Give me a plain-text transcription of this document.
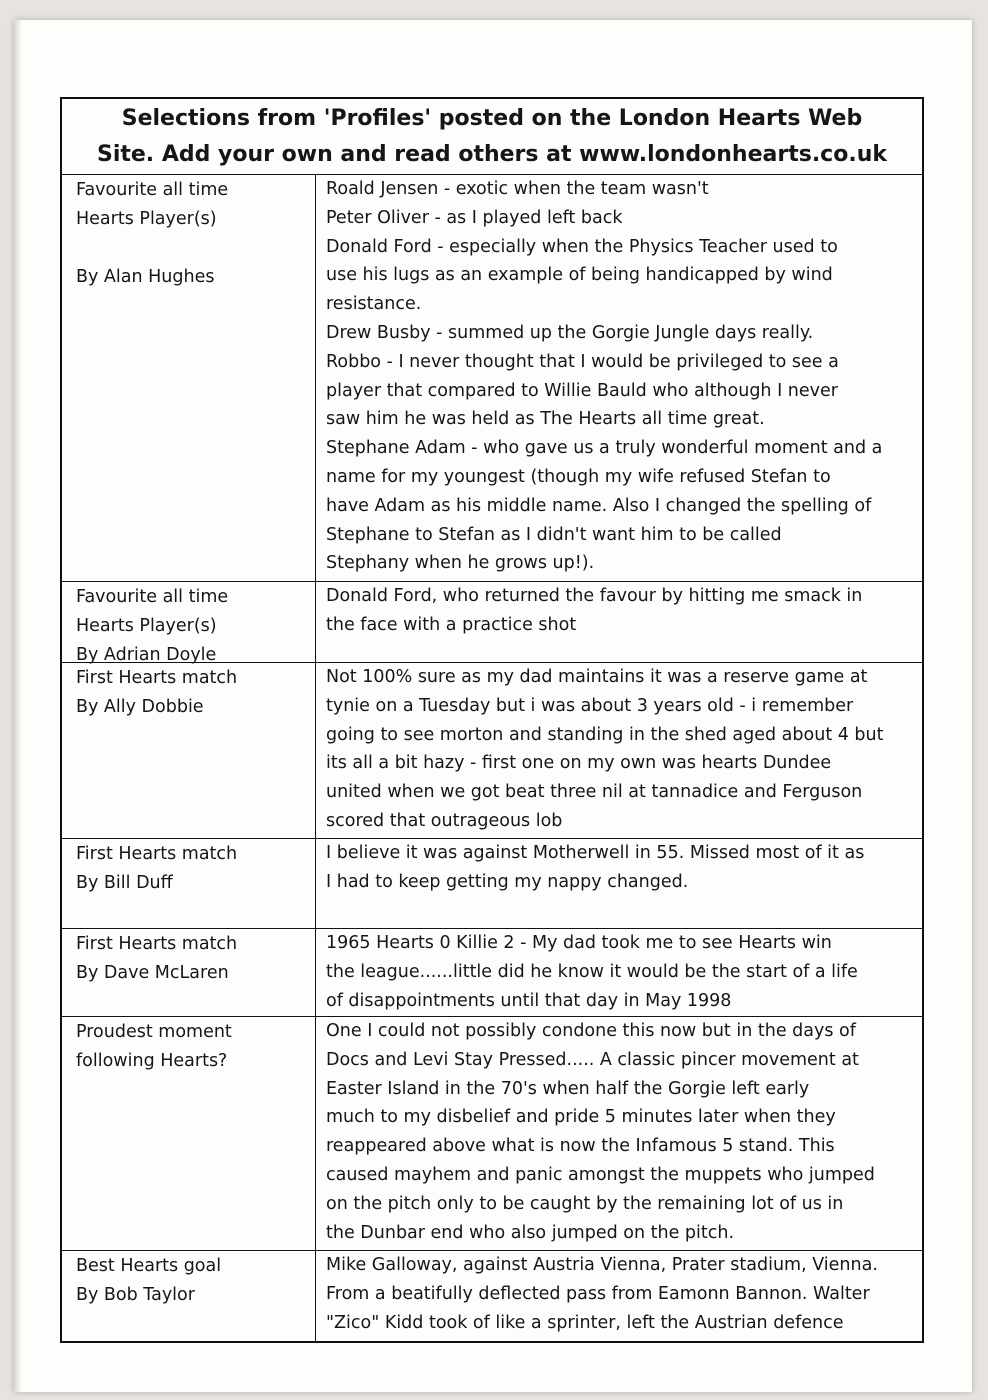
Selections from 'Profiles' posted on the London Hearts Web
Site. Add your own and read others at www.londonhearts.co.uk
Favourite all time
Hearts Player(s)
By Alan Hughes
Roald Jensen - exotic when the team wasn't
Peter Oliver - as I played left back
Donald Ford - especially when the Physics Teacher used to
use his lugs as an example of being handicapped by wind
resistance.
Drew Busby - summed up the Gorgie Jungle days really.
Robbo - I never thought that I would be privileged to see a
player that compared to Willie Bauld who although I never
saw him he was held as The Hearts all time great.
Stephane Adam - who gave us a truly wonderful moment and a
name for my youngest (though my wife refused Stefan to
have Adam as his middle name. Also I changed the spelling of
Stephane to Stefan as I didn't want him to be called
Stephany when he grows up!).
Favourite all time
Hearts Player(s)
By Adrian Doyle
Donald Ford, who returned the favour by hitting me smack in
the face with a practice shot
First Hearts match
By Ally Dobbie
Not 100% sure as my dad maintains it was a reserve game at
tynie on a Tuesday but i was about 3 years old - i remember
going to see morton and standing in the shed aged about 4 but
its all a bit hazy - first one on my own was hearts Dundee
united when we got beat three nil at tannadice and Ferguson
scored that outrageous lob
First Hearts match
By Bill Duff
I believe it was against Motherwell in 55. Missed most of it as
I had to keep getting my nappy changed.
First Hearts match
By Dave McLaren
1965 Hearts 0 Killie 2 - My dad took me to see Hearts win
the league......little did he know it would be the start of a life
of disappointments until that day in May 1998
Proudest moment
following Hearts?
One I could not possibly condone this now but in the days of
Docs and Levi Stay Pressed..... A classic pincer movement at
Easter Island in the 70's when half the Gorgie left early
much to my disbelief and pride 5 minutes later when they
reappeared above what is now the Infamous 5 stand. This
caused mayhem and panic amongst the muppets who jumped
on the pitch only to be caught by the remaining lot of us in
the Dunbar end who also jumped on the pitch.
Best Hearts goal
By Bob Taylor
Mike Galloway, against Austria Vienna, Prater stadium, Vienna.
From a beatifully deflected pass from Eamonn Bannon. Walter
"Zico" Kidd took of like a sprinter, left the Austrian defence
